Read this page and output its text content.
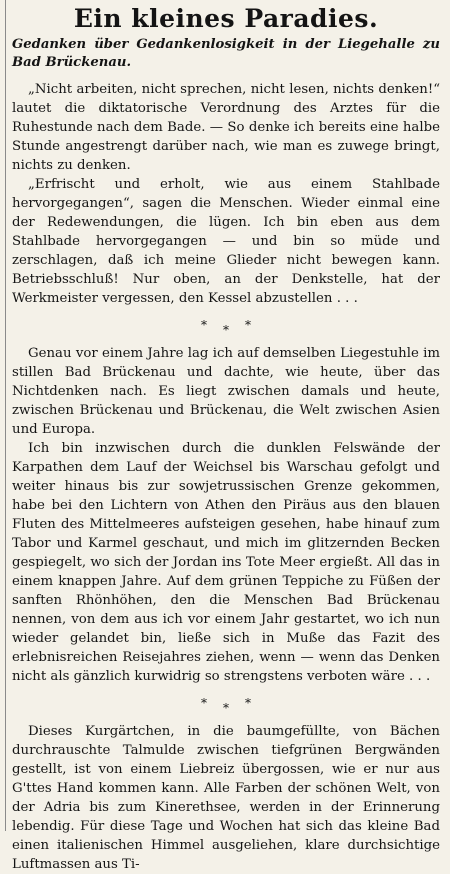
Ein kleines Paradies.

Gedanken über Gedankenlosigkeit in der Liegehalle zu Bad Brückenau.

„Nicht arbeiten, nicht sprechen, nicht lesen, nichts denken!“ lautet die diktatorische Verordnung des Arztes für die Ruhestunde nach dem Bade. — So denke ich bereits eine halbe Stunde angestrengt darüber nach, wie man es zuwege bringt, nichts zu denken.

„Erfrischt und erholt, wie aus einem Stahlbade hervorgegangen“, sagen die Menschen. Wieder einmal eine der Redewendungen, die lügen. Ich bin eben aus dem Stahlbade hervorgegangen — und bin so müde und zerschlagen, daß ich meine Glieder nicht bewegen kann. Betriebsschluß! Nur oben, an der Denkstelle, hat der Werkmeister vergessen, den Kessel abzustellen . . .

***

Genau vor einem Jahre lag ich auf demselben Liegestuhle im stillen Bad Brückenau und dachte, wie heute, über das Nichtdenken nach. Es liegt zwischen damals und heute, zwischen Brückenau und Brückenau, die Welt zwischen Asien und Europa.

Ich bin inzwischen durch die dunklen Felswände der Karpathen dem Lauf der Weichsel bis Warschau gefolgt und weiter hinaus bis zur sowjetrussischen Grenze gekommen, habe bei den Lichtern von Athen den Piräus aus den blauen Fluten des Mittelmeeres aufsteigen gesehen, habe hinauf zum Tabor und Karmel geschaut, und mich im glitzernden Becken gespiegelt, wo sich der Jordan ins Tote Meer ergießt. All das in einem knappen Jahre. Auf dem grünen Teppiche zu Füßen der sanften Rhönhöhen, den die Menschen Bad Brückenau nennen, von dem aus ich vor einem Jahr gestartet, wo ich nun wieder gelandet bin, ließe sich in Muße das Fazit des erlebnisreichen Reisejahres ziehen, wenn — wenn das Denken nicht als gänzlich kurwidrig so strengstens verboten wäre . . .

***

Dieses Kurgärtchen, in die baumgefüllte, von Bächen durchrauschte Talmulde zwischen tiefgrünen Bergwänden gestellt, ist von einem Liebreiz übergossen, wie er nur aus G'ttes Hand kommen kann. Alle Farben der schönen Welt, von der Adria bis zum Kinerethsee, werden in der Erinnerung lebendig. Für diese Tage und Wochen hat sich das kleine Bad einen italienischen Himmel ausgeliehen, klare durchsichtige Luftmassen aus Ti-
